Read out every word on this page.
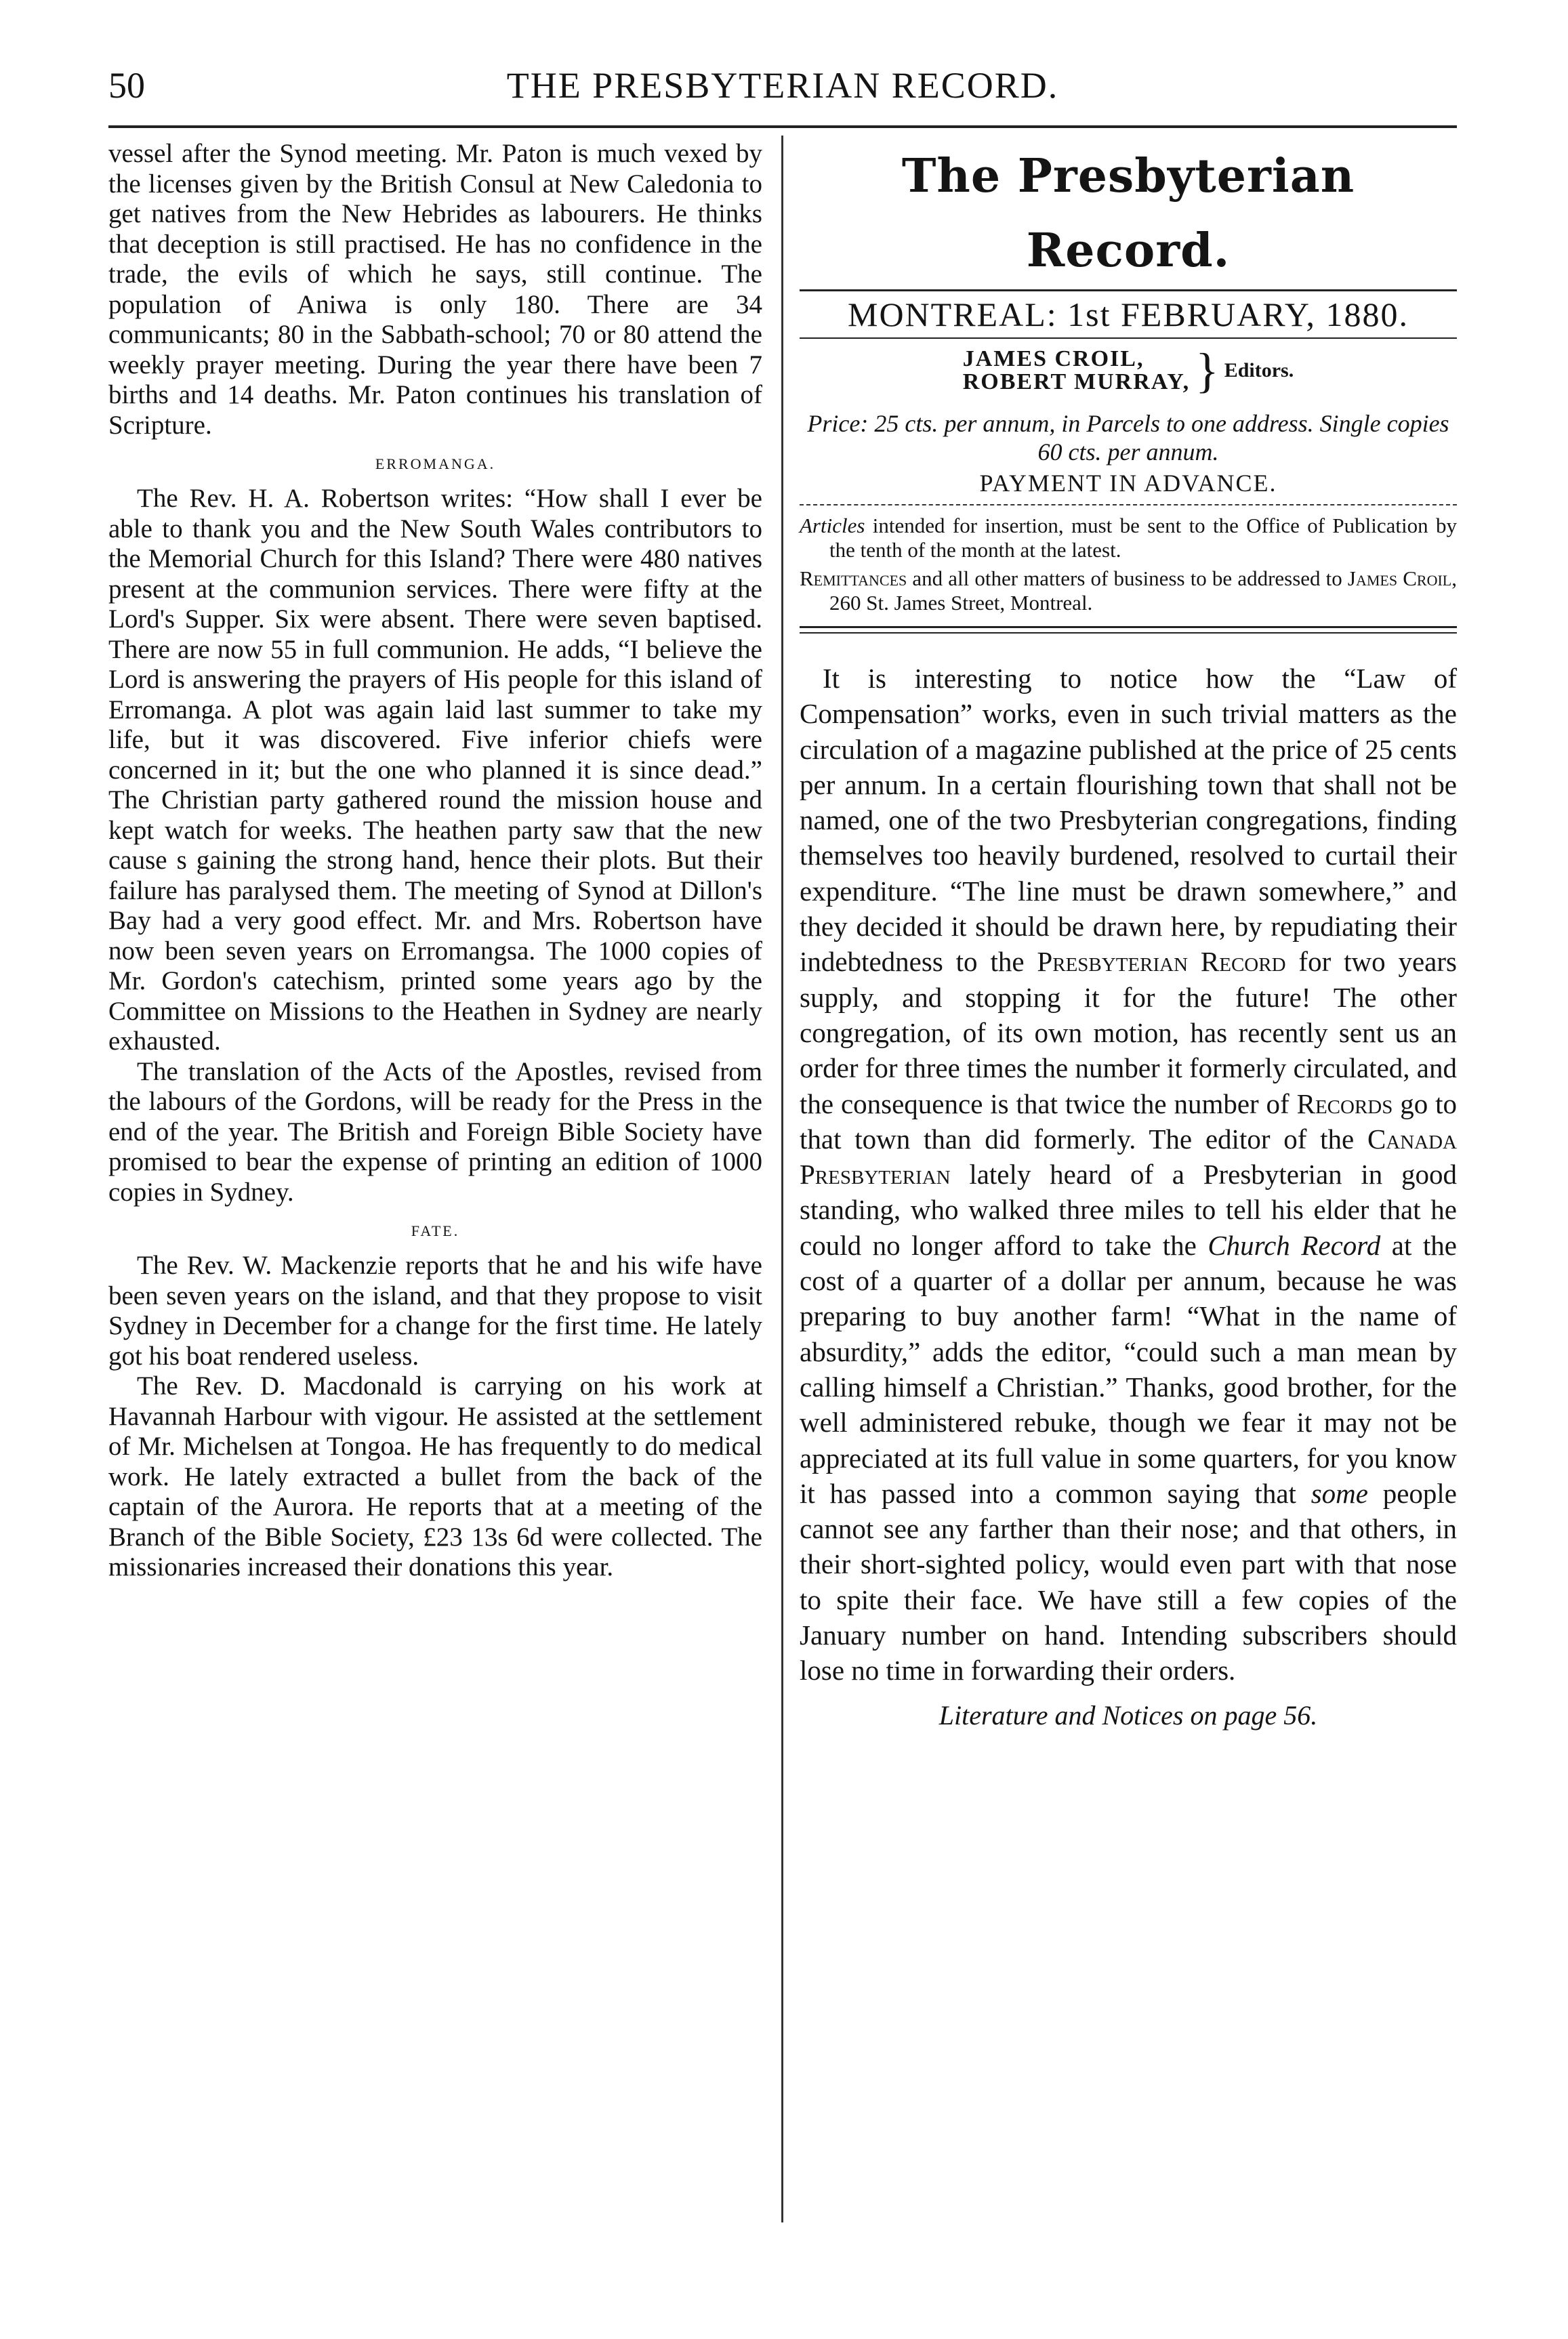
50	THE PRESBYTERIAN RECORD.

vessel after the Synod meeting. Mr. Paton is much vexed by the licenses given by the British Consul at New Caledonia to get natives from the New Hebrides as labourers. He thinks that deception is still practised. He has no confidence in the trade, the evils of which he says, still continue. The population of Aniwa is only 180. There are 34 communicants; 80 in the Sabbath-school; 70 or 80 attend the weekly prayer meeting. During the year there have been 7 births and 14 deaths. Mr. Paton continues his translation of Scripture.

ERROMANGA.

The Rev. H. A. Robertson writes: “How shall I ever be able to thank you and the New South Wales contributors to the Memorial Church for this Island? There were 480 natives present at the communion services. There were fifty at the Lord's Supper. Six were absent. There were seven baptised. There are now 55 in full communion. He adds, “I believe the Lord is answering the prayers of His people for this island of Erromanga. A plot was again laid last summer to take my life, but it was discovered. Five inferior chiefs were concerned in it; but the one who planned it is since dead.” The Christian party gathered round the mission house and kept watch for weeks. The heathen party saw that the new cause s gaining the strong hand, hence their plots. But their failure has paralysed them. The meeting of Synod at Dillon's Bay had a very good effect. Mr. and Mrs. Robertson have now been seven years on Erromangsa. The 1000 copies of Mr. Gordon's catechism, printed some years ago by the Committee on Missions to the Heathen in Sydney are nearly exhausted.

The translation of the Acts of the Apostles, revised from the labours of the Gordons, will be ready for the Press in the end of the year. The British and Foreign Bible Society have promised to bear the expense of printing an edition of 1000 copies in Sydney.

FATE.

The Rev. W. Mackenzie reports that he and his wife have been seven years on the island, and that they propose to visit Sydney in December for a change for the first time. He lately got his boat rendered useless.

The Rev. D. Macdonald is carrying on his work at Havannah Harbour with vigour. He assisted at the settlement of Mr. Michelsen at Tongoa. He has frequently to do medical work. He lately extracted a bullet from the back of the captain of the Aurora. He reports that at a meeting of the Branch of the Bible Society, £23 13s 6d were collected. The missionaries increased their donations this year.

The Presbyterian Record.
MONTREAL: 1st FEBRUARY, 1880.
JAMES CROIL,
ROBERT MURRAY, } Editors.
Price: 25 cts. per annum, in Parcels to one address. Single copies 60 cts. per annum.
PAYMENT IN ADVANCE.

Articles intended for insertion, must be sent to the Office of Publication by the tenth of the month at the latest.

Remittances and all other matters of business to be addressed to James Croil, 260 St. James Street, Montreal.

It is interesting to notice how the “Law of Compensation” works, even in such trivial matters as the circulation of a magazine published at the price of 25 cents per annum. In a certain flourishing town that shall not be named, one of the two Presbyterian congregations, finding themselves too heavily burdened, resolved to curtail their expenditure. “The line must be drawn somewhere,” and they decided it should be drawn here, by repudiating their indebtedness to the Presbyterian Record for two years supply, and stopping it for the future! The other congregation, of its own motion, has recently sent us an order for three times the number it formerly circulated, and the consequence is that twice the number of Records go to that town than did formerly. The editor of the Canada Presbyterian lately heard of a Presbyterian in good standing, who walked three miles to tell his elder that he could no longer afford to take the Church Record at the cost of a quarter of a dollar per annum, because he was preparing to buy another farm! “What in the name of absurdity,” adds the editor, “could such a man mean by calling himself a Christian.” Thanks, good brother, for the well administered rebuke, though we fear it may not be appreciated at its full value in some quarters, for you know it has passed into a common saying that some people cannot see any farther than their nose; and that others, in their short-sighted policy, would even part with that nose to spite their face. We have still a few copies of the January number on hand. Intending subscribers should lose no time in forwarding their orders.

Literature and Notices on page 56.
